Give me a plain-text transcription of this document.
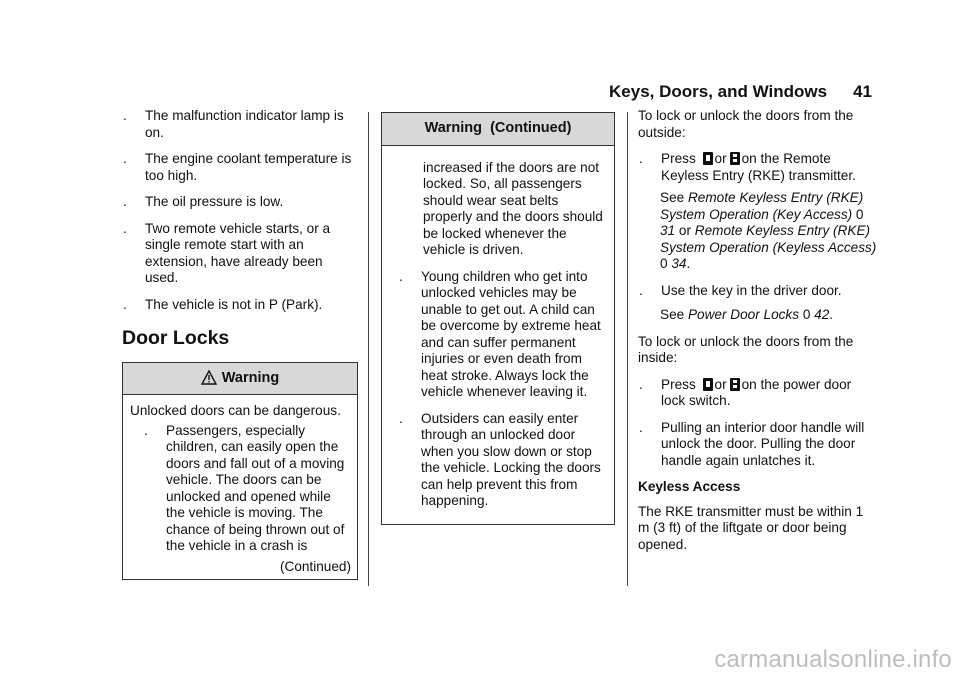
Keys, Doors, and Windows 41
.	The malfunction indicator lamp is on.
.	The engine coolant temperature is too high.
.	The oil pressure is low.
.	Two remote vehicle starts, or a single remote start with an extension, have already been used.
.	The vehicle is not in P (Park).
Door Locks
Warning

Unlocked doors can be dangerous.

.	Passengers, especially children, can easily open the doors and fall out of a moving vehicle. The doors can be unlocked and opened while the vehicle is moving. The chance of being thrown out of the vehicle in a crash is
(Continued)
Warning  (Continued)
increased if the doors are not locked. So, all passengers should wear seat belts properly and the doors should be locked whenever the vehicle is driven.
.	Young children who get into unlocked vehicles may be unable to get out. A child can be overcome by extreme heat and can suffer permanent injuries or even death from heat stroke. Always lock the vehicle whenever leaving it.
.	Outsiders can easily enter through an unlocked door when you slow down or stop the vehicle. Locking the doors can help prevent this from happening.

To lock or unlock the doors from the outside:

.	Press or on the Remote Keyless Entry (RKE) transmitter.

See Remote Keyless Entry (RKE) System Operation (Key Access) 0 31 or Remote Keyless Entry (RKE) System Operation (Keyless Access) 0 34.

.	Use the key in the driver door.

See Power Door Locks 0 42.

To lock or unlock the doors from the inside:

.	Press or on the power door lock switch.
.	Pulling an interior door handle will unlock the door. Pulling the door handle again unlatches it.

Keyless Access

The RKE transmitter must be within 1 m (3 ft) of the liftgate or door being opened.

carmanualsonline.info
